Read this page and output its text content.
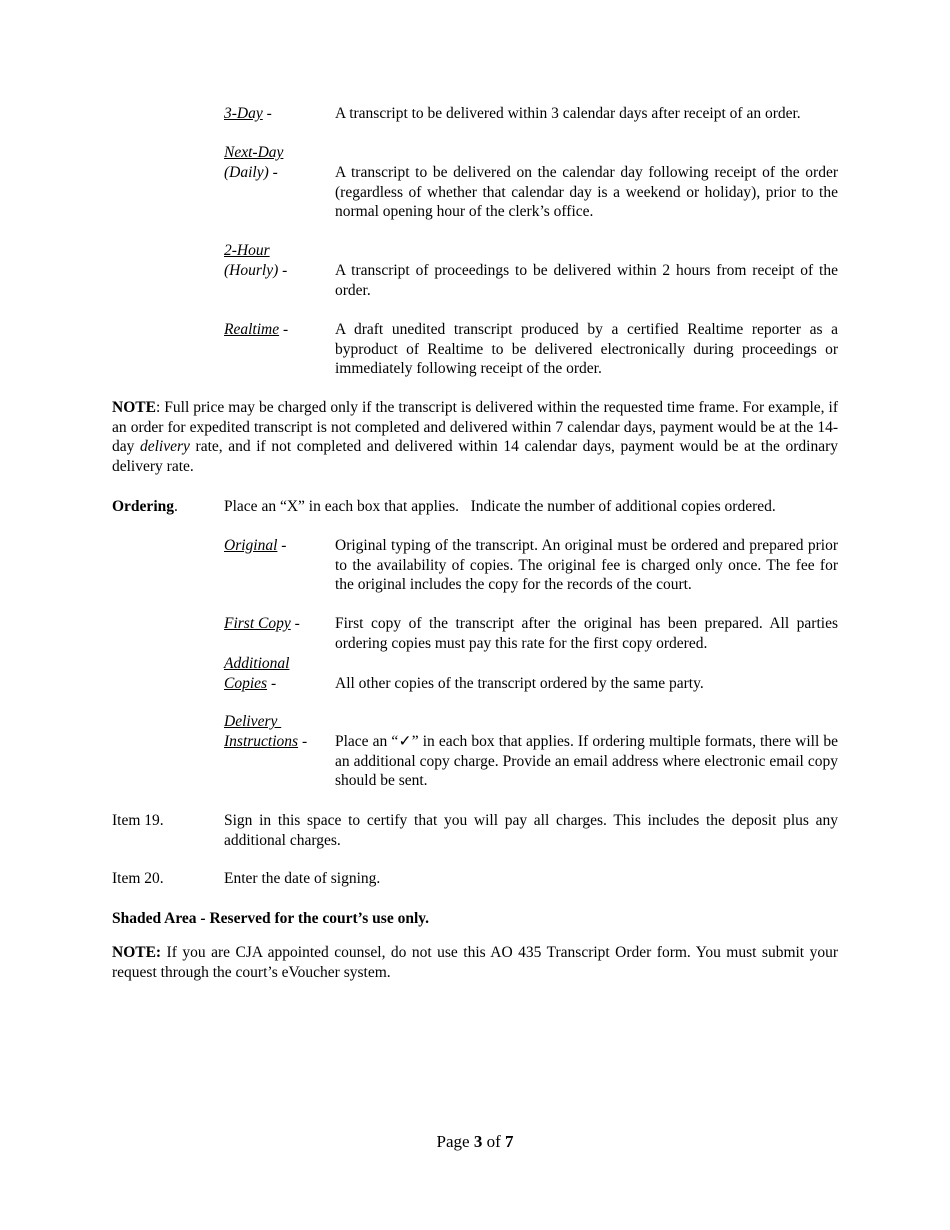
3-Day -	A transcript to be delivered within 3 calendar days after receipt of an order.
Next-Day
(Daily) -	A transcript to be delivered on the calendar day following receipt of the order (regardless of whether that calendar day is a weekend or holiday), prior to the normal opening hour of the clerk’s office.
2-Hour
(Hourly) -	A transcript of proceedings to be delivered within 2 hours from receipt of the order.
Realtime -	A draft unedited transcript produced by a certified Realtime reporter as a byproduct of Realtime to be delivered electronically during proceedings or immediately following receipt of the order.
NOTE: Full price may be charged only if the transcript is delivered within the requested time frame. For example, if an order for expedited transcript is not completed and delivered within 7 calendar days, payment would be at the 14-day delivery rate, and if not completed and delivered within 14 calendar days, payment would be at the ordinary delivery rate.
Ordering.	Place an “X” in each box that applies.   Indicate the number of additional copies ordered.
Original -	Original typing of the transcript. An original must be ordered and prepared prior to the availability of copies. The original fee is charged only once. The fee for the original includes the copy for the records of the court.
First Copy -	First copy of the transcript after the original has been prepared. All parties ordering copies must pay this rate for the first copy ordered.
Additional
Copies -	All other copies of the transcript ordered by the same party.
Delivery
Instructions -	Place an “✓” in each box that applies. If ordering multiple formats, there will be an additional copy charge. Provide an email address where electronic email copy should be sent.
Item 19.	Sign in this space to certify that you will pay all charges. This includes the deposit plus any additional charges.
Item 20.	Enter the date of signing.
Shaded Area - Reserved for the court’s use only.
NOTE: If you are CJA appointed counsel, do not use this AO 435 Transcript Order form. You must submit your request through the court’s eVoucher system.
Page 3 of 7
